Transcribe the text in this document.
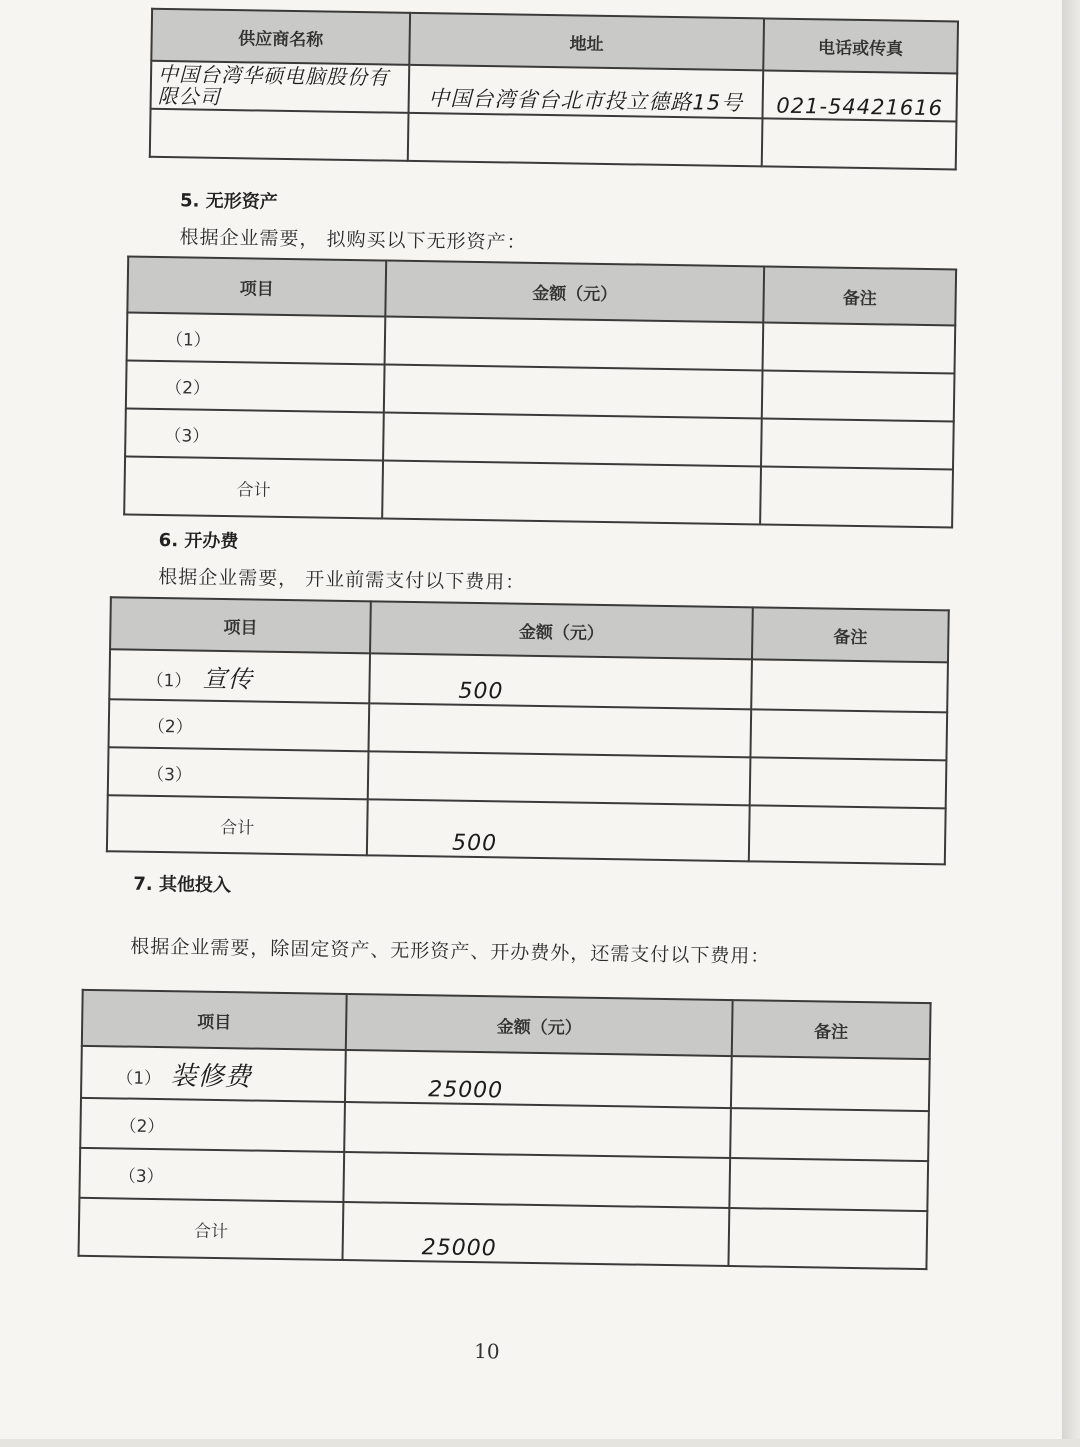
供应商名称	地址	电话或传真
中国台湾华硕电脑股份有限公司	中国台湾省台北市投立德路15号	021-54421616

5. 无形资产
根据企业需要， 拟购买以下无形资产：
项目	金额（元）	备注
（1）		
（2）		
（3）		
合计		
6. 开办费
根据企业需要， 开业前需支付以下费用：
项目	金额（元）	备注
（1） 宣传	500	
（2）		
（3）		
合计	500	
7. 其他投入
根据企业需要，除固定资产、无形资产、开办费外，还需支付以下费用：
项目	金额（元）	备注
（1） 装修费	25000	
（2）		
（3）		
合计	25000	
10
